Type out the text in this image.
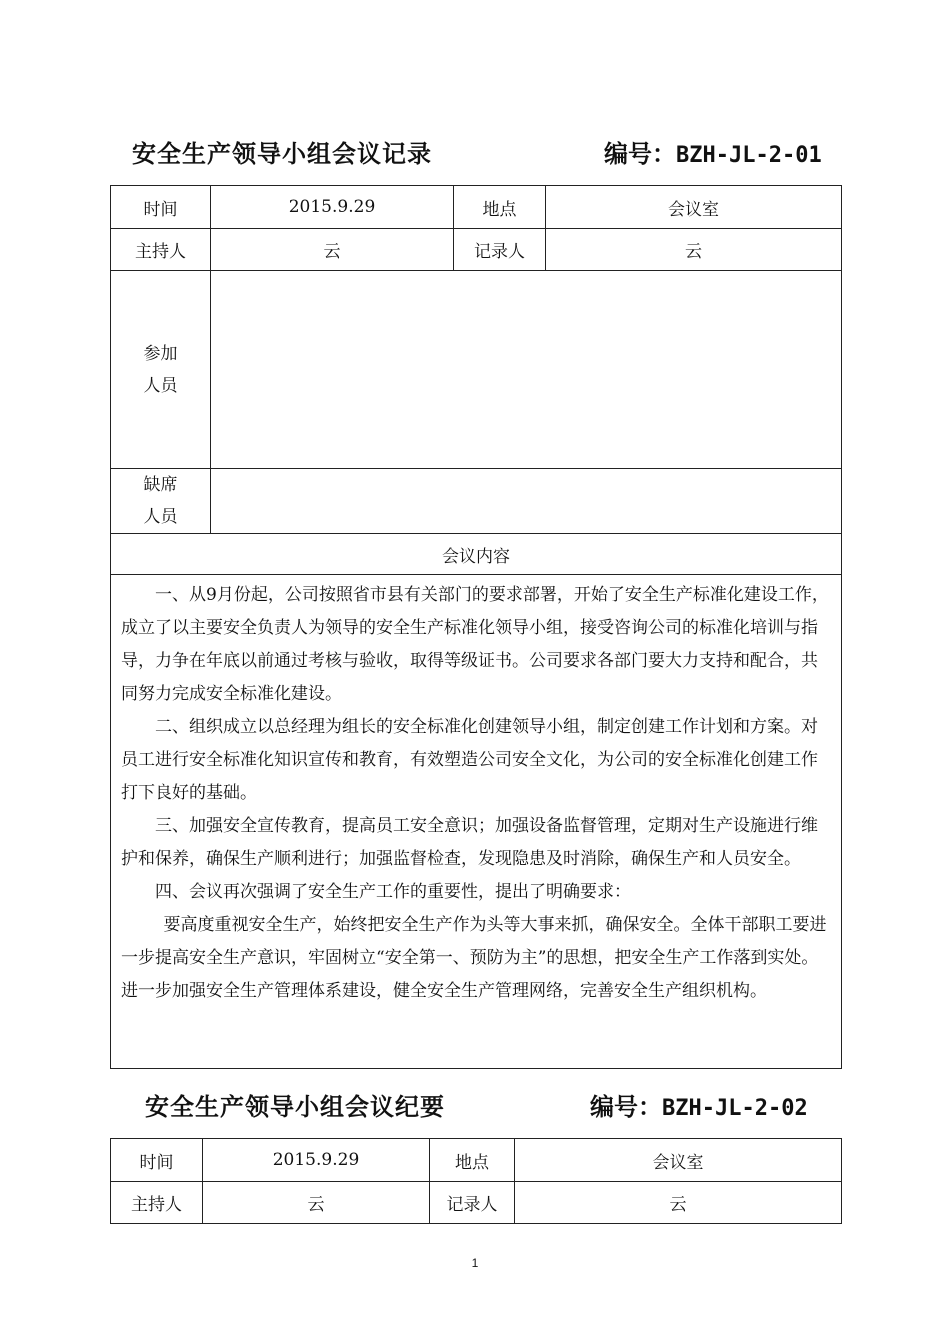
安全生产领导小组会议记录	编号：BZH-JL-2-01
时间	2015.9.29	地点	会议室
主持人	云	记录人	云

参加
人员			

缺席
人员			

会议内容			

一、从9月份起，公司按照省市县有关部门的要求部署，开始了安全生产标准化建设工作，成立了以主要安全负责人为领导的安全生产标准化领导小组，接受咨询公司的标准化培训与指导，力争在年底以前通过考核与验收，取得等级证书。公司要求各部门要大力支持和配合，共同努力完成安全标准化建设。

二、组织成立以总经理为组长的安全标准化创建领导小组，制定创建工作计划和方案。对员工进行安全标准化知识宣传和教育，有效塑造公司安全文化，为公司的安全标准化创建工作打下良好的基础。

三、加强安全宣传教育，提高员工安全意识；加强设备监督管理，定期对生产设施进行维护和保养，确保生产顺利进行；加强监督检查，发现隐患及时消除，确保生产和人员安全。

四、会议再次强调了安全生产工作的重要性，提出了明确要求：

要高度重视安全生产，始终把安全生产作为头等大事来抓，确保安全。全体干部职工要进一步提高安全生产意识，牢固树立“安全第一、预防为主”的思想，把安全生产工作落到实处。进一步加强安全生产管理体系建设，健全安全生产管理网络，完善安全生产组织机构。			

安全生产领导小组会议纪要	编号：BZH-JL-2-02
时间	2015.9.29	地点	会议室
主持人	云	记录人	云
1
